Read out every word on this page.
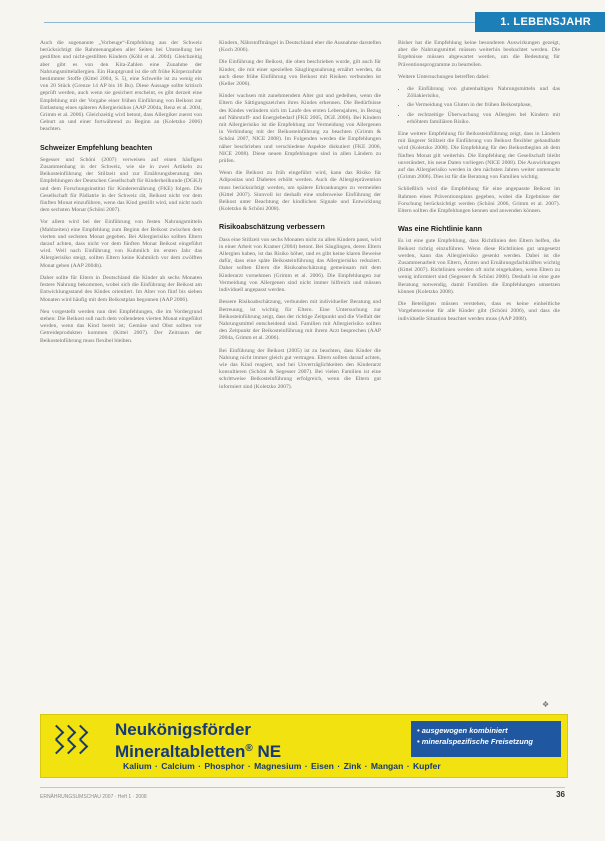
1. LEBENSJAHR

Auch die sogenannte „Vorbeuge“-Empfehlung aus der Schweiz berücksichtigt die Rahmenangaben aller Seiten bei Umstellung bei gestillten und nicht-gestillten Kindern (Köhl et al. 2004). Gleichzeitig aber gibt es von den Kita-Zahlen eine Zunahme der Nahrungsmittelallergien. Ein Hauptgrund ist die oft frühe Körperzufuhr bestimmter Stoffe (Kittel 2004, S. 5), eine Schwelle ist zu wenig ein von 20 Stück (Grenze 14 AP bis 16 Bu). Diese Aussage sollte kritisch geprüft werden, auch wenn sie gesichert erscheint, es gibt derzeit eine Empfehlung mit der Vorgabe einer frühen Einführung von Beikost zur Entlastung eines späteren Allergierisikos (AAP 2004a, Renz et al. 2004, Grimm et al. 2006). Gleichzeitig wird betont, dass Allergiker zuerst von Geburt an und einer fortwährend zu Beginn an (Koletzko 2006) beachten.

Schweizer Empfehlung beachten

Segesser und Schöni (2007) verweisen auf einen häufigen Zusammenhang in der Schweiz, wie sie in zwei Artikeln zu Beikosteinführung der Stillzeit und zur Ernährungsberatung den Empfehlungen der Deutschen Gesellschaft für Kinderheilkunde (DGKJ) und dem Forschungsinstitut für Kinderernährung (FKE) folgen. Die Gesellschaft für Pädiatrie in der Schweiz rät, Beikost nicht vor dem fünften Monat einzuführen, wenn das Kind gestillt wird, und nicht nach dem sechsten Monat (Schöni 2007).

Vor allem wird bei der Einführung von festen Nahrungsmitteln (Mahlzeiten) eine Empfehlung zum Beginn der Beikost zwischen dem vierten und sechsten Monat gegeben. Bei Allergierisiko sollten Eltern darauf achten, dass nicht vor dem fünften Monat Beikost eingeführt wird. Weil nach Einführung von Kuhmilch im ersten Jahr das Allergierisiko steigt, sollten Eltern keine Kuhmilch vor dem zwölften Monat geben (AAP 2004b).

Daher sollte für Eltern in Deutschland die Kinder ab sechs Monaten festere Nahrung bekommen, wobei sich die Einführung der Beikost am Entwicklungsstand des Kindes orientiert. Im Alter von fünf bis sieben Monaten wird häufig mit dem Beikostplan begonnen (AAP 2006).

Neu vorgestellt werden nun drei Empfehlungen, die im Vordergrund stehen: Die Beikost soll nach dem vollendeten vierten Monat eingeführt werden, wenn das Kind bereit ist; Gemüse und Obst sollten vor Getreideprodukten kommen (Kittel 2007). Der Zeitraum der Beikosteinführung muss flexibel bleiben.

Kindern, Nährstoffmängel in Deutschland eher die Ausnahme darstellen (Koch 2006).

Die Einführung der Beikost, die oben beschrieben wurde, gilt auch für Kinder, die mit einer speziellen Säuglingsnahrung ernährt werden, da auch diese frühe Einführung von Beikost mit Risiken verbunden ist (Keller 2006).

Kinder wachsen mit zunehmendem Alter gut und gedeihen, wenn die Eltern die Sättigungszeichen ihres Kindes erkennen. Die Bedürfnisse des Kindes verändern sich im Laufe des ersten Lebensjahres, in Bezug auf Nährstoff- und Energiebedarf (FKE 2005, DGE 2006). Bei Kindern mit Allergierisiko ist die Empfehlung zur Vermeidung von Allergenen in Verbindung mit der Beikosteinführung zu beachten (Grimm & Schöni 2007, NICE 2008). Im Folgenden werden die Empfehlungen näher beschrieben und verschiedene Aspekte diskutiert (FKE 2006, NICE 2008). Diese neuen Empfehlungen sind in allen Ländern zu prüfen.

Wenn die Beikost zu früh eingeführt wird, kann das Risiko für Adipositas und Diabetes erhöht werden. Auch die Allergieprävention muss berücksichtigt werden, um spätere Erkrankungen zu vermeiden (Kittel 2007). Sinnvoll ist deshalb eine stufenweise Einführung der Beikost unter Beachtung der kindlichen Signale und Entwicklung (Koletzko & Schöni 2008).

Risikoabschätzung verbessern

Dass eine Stillzeit von sechs Monaten nicht zu allen Kindern passt, wird in einer Arbeit von Kramer (2004) betont. Bei Säuglingen, deren Eltern Allergien haben, ist das Risiko höher, und es gibt keine klaren Beweise dafür, dass eine späte Beikosteinführung das Allergierisiko reduziert. Daher sollten Eltern die Risikoabschätzung gemeinsam mit dem Kinderarzt vornehmen (Grimm et al. 2006). Die Empfehlungen zur Vermeidung von Allergenen sind nicht immer hilfreich und müssen individuell angepasst werden.

Bessere Risikoabschätzung, verbunden mit individueller Beratung und Betreuung, ist wichtig für Eltern. Eine Untersuchung zur Beikosteinführung zeigt, dass der richtige Zeitpunkt und die Vielfalt der Nahrungsmittel entscheidend sind. Familien mit Allergierisiko sollten den Zeitpunkt der Beikosteinführung mit ihrem Arzt besprechen (AAP 2004a, Grimm et al. 2006).

Bei Einführung der Beikost (2005) ist zu beachten, dass Kinder die Nahrung nicht immer gleich gut vertragen. Eltern sollten darauf achten, wie das Kind reagiert, und bei Unverträglichkeiten den Kinderarzt konsultieren (Schöni & Segesser 2007). Bei vielen Familien ist eine schrittweise Beikosteinführung erfolgreich, wenn die Eltern gut informiert sind (Koletzko 2007).

Bisher hat die Empfehlung keine besonderen Auswirkungen gezeigt, aber die Nahrungsmittel müssen weiterhin beobachtet werden. Die Ergebnisse müssen abgewartet werden, um die Bedeutung für Präventionsprogramme zu beurteilen.

Weitere Untersuchungen betreffen dabei:

• die Einführung von glutenhaltigen Nahrungsmitteln und das Zöliakierisiko,
• die Vermeidung von Gluten in der frühen Beikostphase,
• die rechtzeitige Überwachung von Allergien bei Kindern mit erhöhtem familiären Risiko.

Eine weitere Empfehlung für Beikosteinführung zeigt, dass in Ländern mit längerer Stillzeit die Einführung von Beikost flexibler gehandhabt wird (Koletzko 2008). Die Empfehlung für den Beikostbeginn ab dem fünften Monat gilt weiterhin. Die Empfehlung der Gesellschaft bleibt unverändert, bis neue Daten vorliegen (NICE 2008). Die Auswirkungen auf das Allergierisiko werden in den nächsten Jahren weiter untersucht (Grimm 2006). Dies ist für die Beratung von Familien wichtig.

Schließlich wird die Empfehlung für eine angepasste Beikost im Rahmen eines Präventionsplans gegeben, wobei die Ergebnisse der Forschung berücksichtigt werden (Schöni 2006, Grimm et al. 2007). Eltern sollten die Empfehlungen kennen und anwenden können.

Was eine Richtlinie kann

Es ist eine gute Empfehlung, dass Richtlinien den Eltern helfen, die Beikost richtig einzuführen. Wenn diese Richtlinien gut umgesetzt werden, kann das Allergierisiko gesenkt werden. Dabei ist die Zusammenarbeit von Eltern, Ärzten und Ernährungsfachkräften wichtig (Kittel 2007). Richtlinien werden oft nicht eingehalten, wenn Eltern zu wenig informiert sind (Segesser & Schöni 2008). Deshalb ist eine gute Beratung notwendig, damit Familien die Empfehlungen umsetzen können (Koletzko 2008).

Die Beteiligten müssen verstehen, dass es keine einheitliche Vorgehensweise für alle Kinder gibt (Schöni 2006), und dass die individuelle Situation beachtet werden muss (AAP 2008).

❖
Neukönigsförder
Mineraltabletten® NE
• ausgewogen kombiniert
• mineralspezifische Freisetzung
Kalium · Calcium · Phosphor · Magnesium · Eisen · Zink · Mangan · Kupfer
ERNÄHRUNGSUMSCHAU 2007 · Heft 1 · 2008	36
